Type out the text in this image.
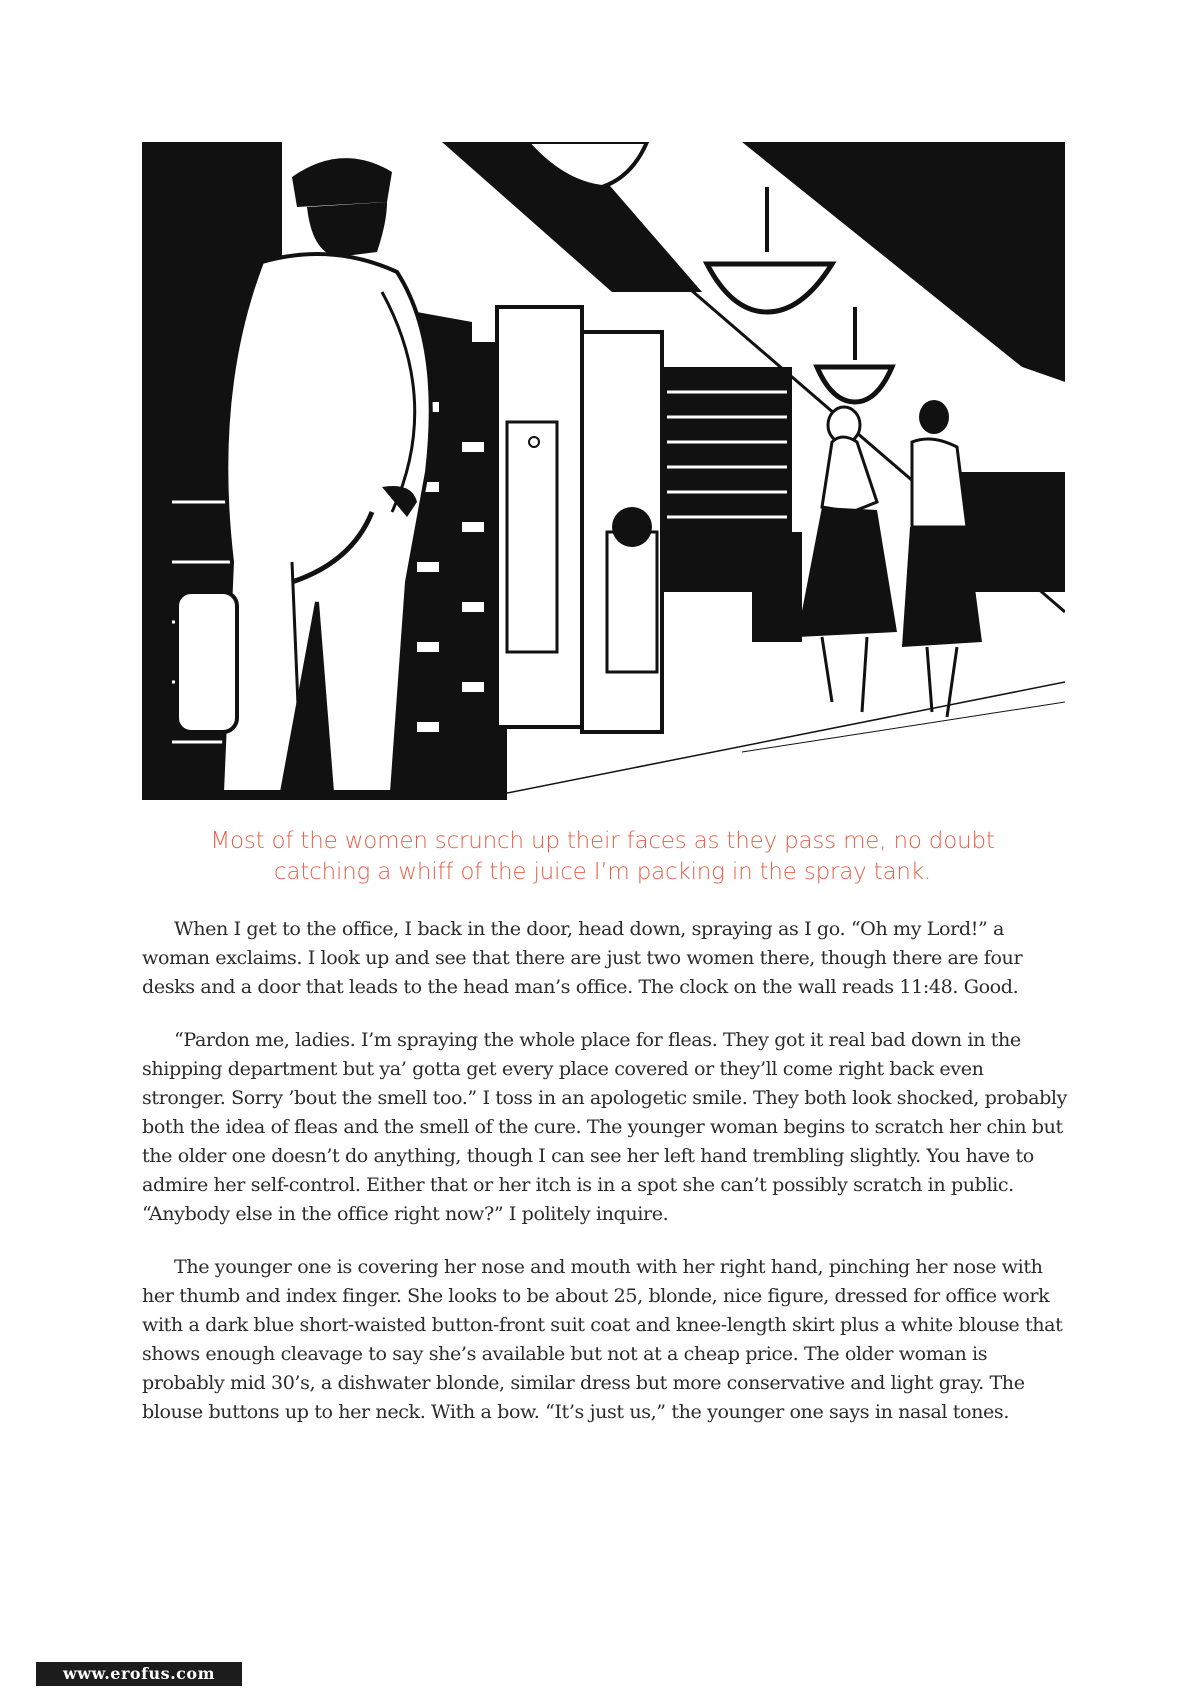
Most of the women scrunch up their faces as they pass me, no doubt
catching a whiff of the juice I’m packing in the spray tank.

When I get to the office, I back in the door, head down, spraying as I go. “Oh my Lord!” a woman exclaims. I look up and see that there are just two women there, though there are four desks and a door that leads to the head man’s office. The clock on the wall reads 11:48. Good.

“Pardon me, ladies. I’m spraying the whole place for fleas. They got it real bad down in the shipping department but ya’ gotta get every place covered or they’ll come right back even stronger. Sorry ’bout the smell too.” I toss in an apologetic smile. They both look shocked, probably both the idea of fleas and the smell of the cure. The younger woman begins to scratch her chin but the older one doesn’t do anything, though I can see her left hand trembling slightly. You have to admire her self-control. Either that or her itch is in a spot she can’t possibly scratch in public. “Anybody else in the office right now?” I politely inquire.

The younger one is covering her nose and mouth with her right hand, pinching her nose with her thumb and index finger. She looks to be about 25, blonde, nice figure, dressed for office work with a dark blue short-waisted button-front suit coat and knee-length skirt plus a white blouse that shows enough cleavage to say she’s available but not at a cheap price. The older woman is probably mid 30’s, a dishwater blonde, similar dress but more conservative and light gray. The blouse buttons up to her neck. With a bow. “It’s just us,” the younger one says in nasal tones.

www.erofus.com
